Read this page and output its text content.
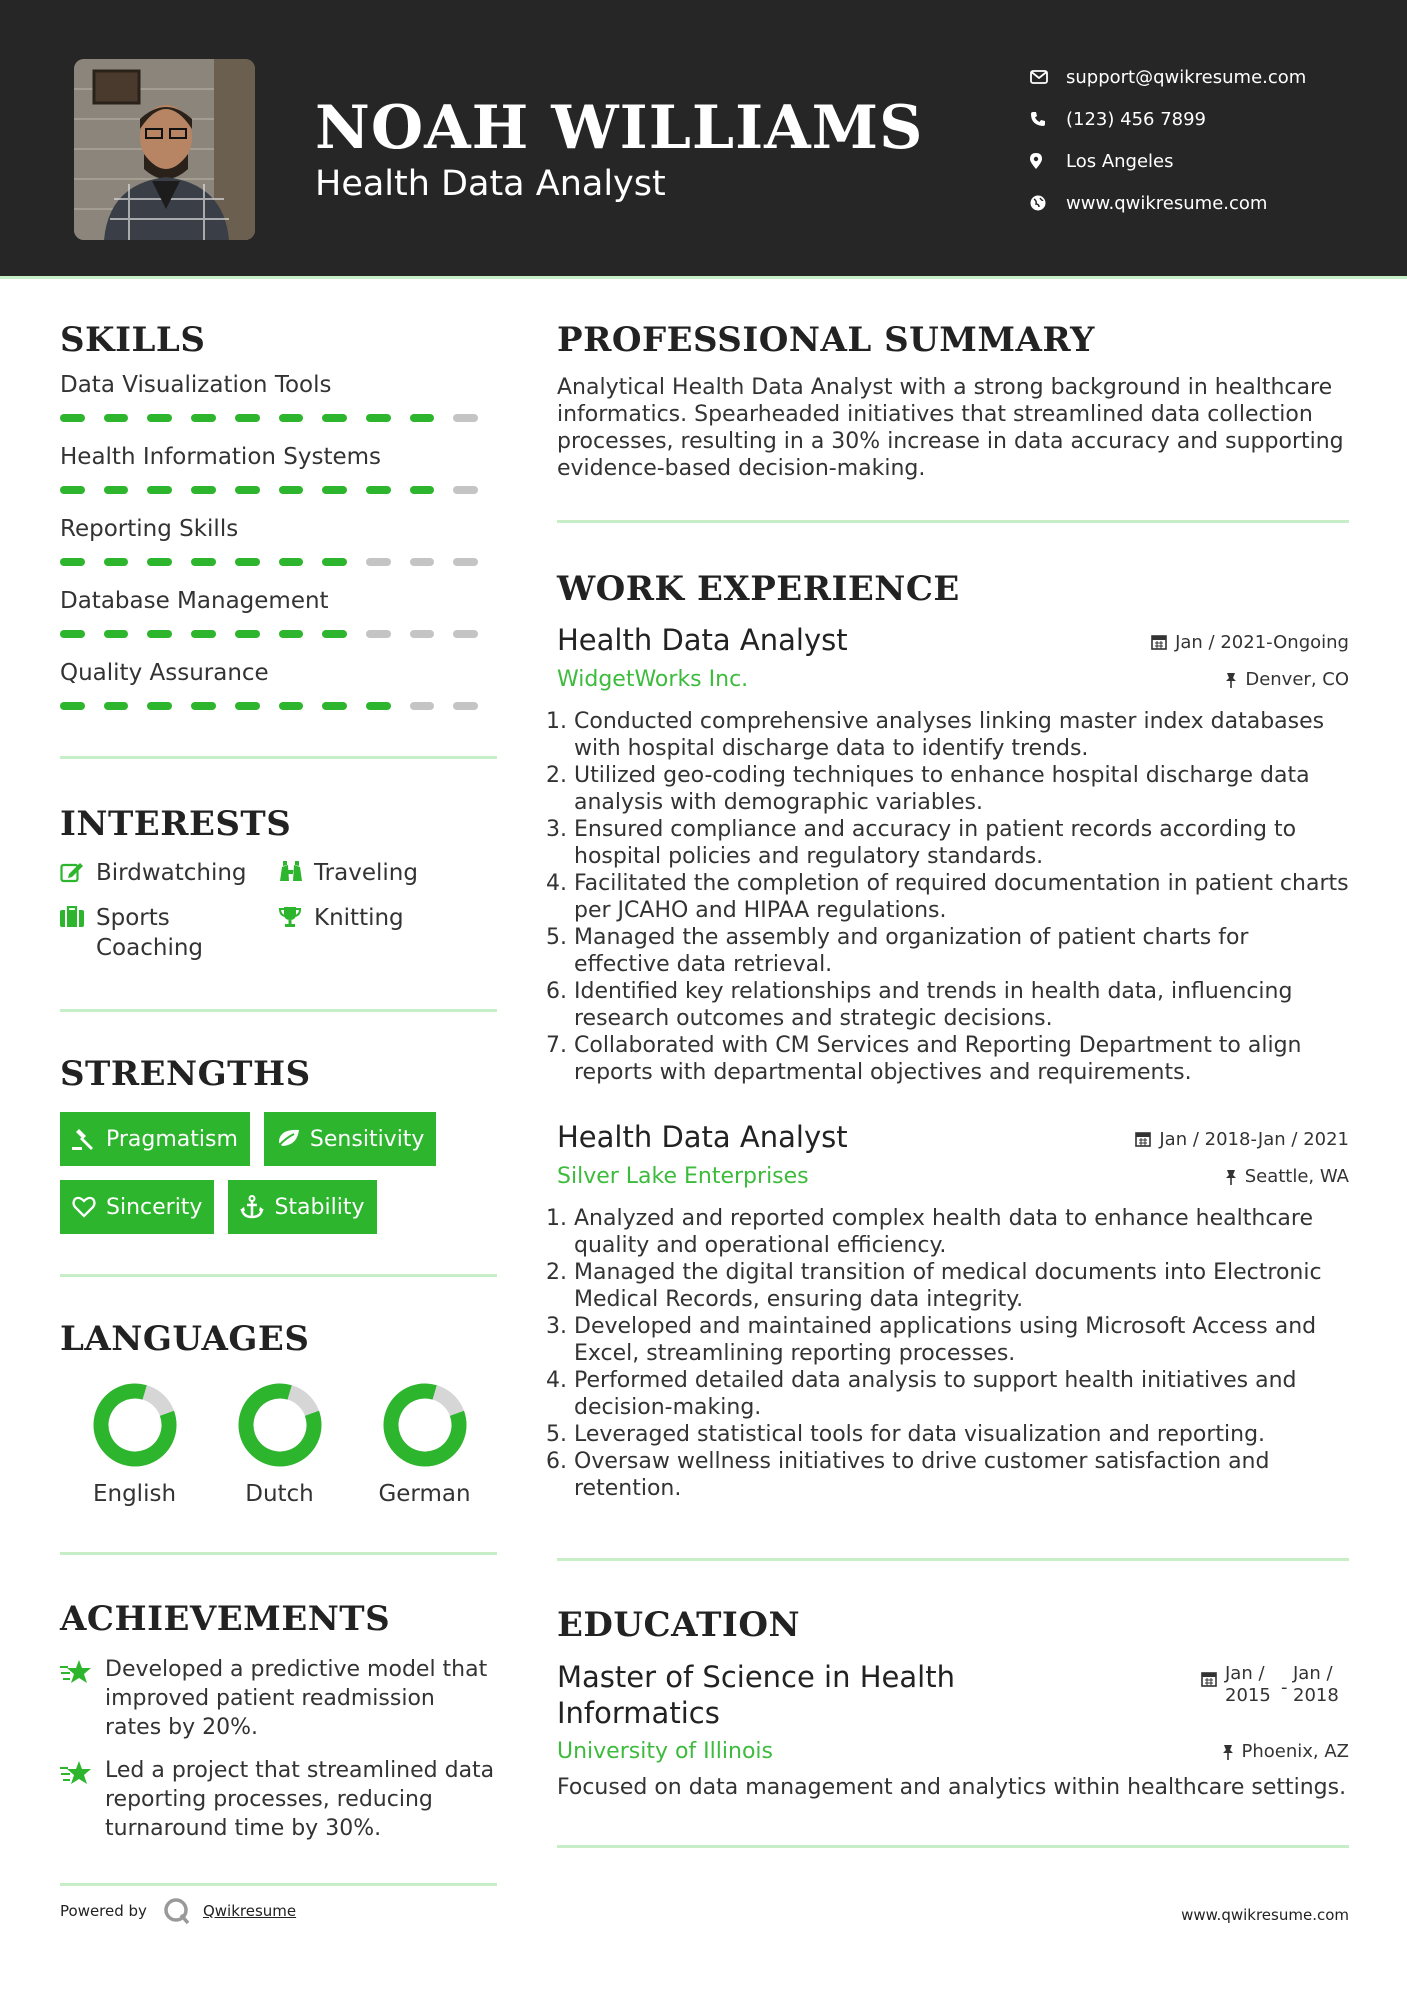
NOAH WILLIAMS
Health Data Analyst
support@qwikresume.com
(123) 456 7899
Los Angeles
www.qwikresume.com
SKILLS
Data Visualization Tools
Health Information Systems
Reporting Skills
Database Management
Quality Assurance
INTERESTS
Birdwatching	Traveling
Sports Coaching
Knitting
STRENGTHS
Pragmatism	Sensitivity
Sincerity	Stability
LANGUAGES
English	Dutch	German
ACHIEVEMENTS
Developed a predictive model that improved patient readmission rates by 20%.
Led a project that streamlined data reporting processes, reducing turnaround time by 30%.
PROFESSIONAL SUMMARY
Analytical Health Data Analyst with a strong background in healthcare informatics. Spearheaded initiatives that streamlined data collection processes, resulting in a 30% increase in data accuracy and supporting evidence-based decision-making.
WORK EXPERIENCE
Health Data Analyst	Jan / 2021-Ongoing
WidgetWorks Inc.	Denver, CO
1. Conducted comprehensive analyses linking master index databases with hospital discharge data to identify trends.
2. Utilized geo-coding techniques to enhance hospital discharge data analysis with demographic variables.
3. Ensured compliance and accuracy in patient records according to hospital policies and regulatory standards.
4. Facilitated the completion of required documentation in patient charts per JCAHO and HIPAA regulations.
5. Managed the assembly and organization of patient charts for effective data retrieval.
6. Identified key relationships and trends in health data, influencing research outcomes and strategic decisions.
7. Collaborated with CM Services and Reporting Department to align reports with departmental objectives and requirements.
Health Data Analyst	Jan / 2018-Jan / 2021
Silver Lake Enterprises	Seattle, WA
1. Analyzed and reported complex health data to enhance healthcare quality and operational efficiency.
2. Managed the digital transition of medical documents into Electronic Medical Records, ensuring data integrity.
3. Developed and maintained applications using Microsoft Access and Excel, streamlining reporting processes.
4. Performed detailed data analysis to support health initiatives and decision-making.
5. Leveraged statistical tools for data visualization and reporting.
6. Oversaw wellness initiatives to drive customer satisfaction and retention.
EDUCATION
Master of Science in Health Informatics
Jan / 2015 -
Jan / 2018
University of Illinois	Phoenix, AZ
Focused on data management and analytics within healthcare settings.
Powered by	Qwikresume	www.qwikresume.com
